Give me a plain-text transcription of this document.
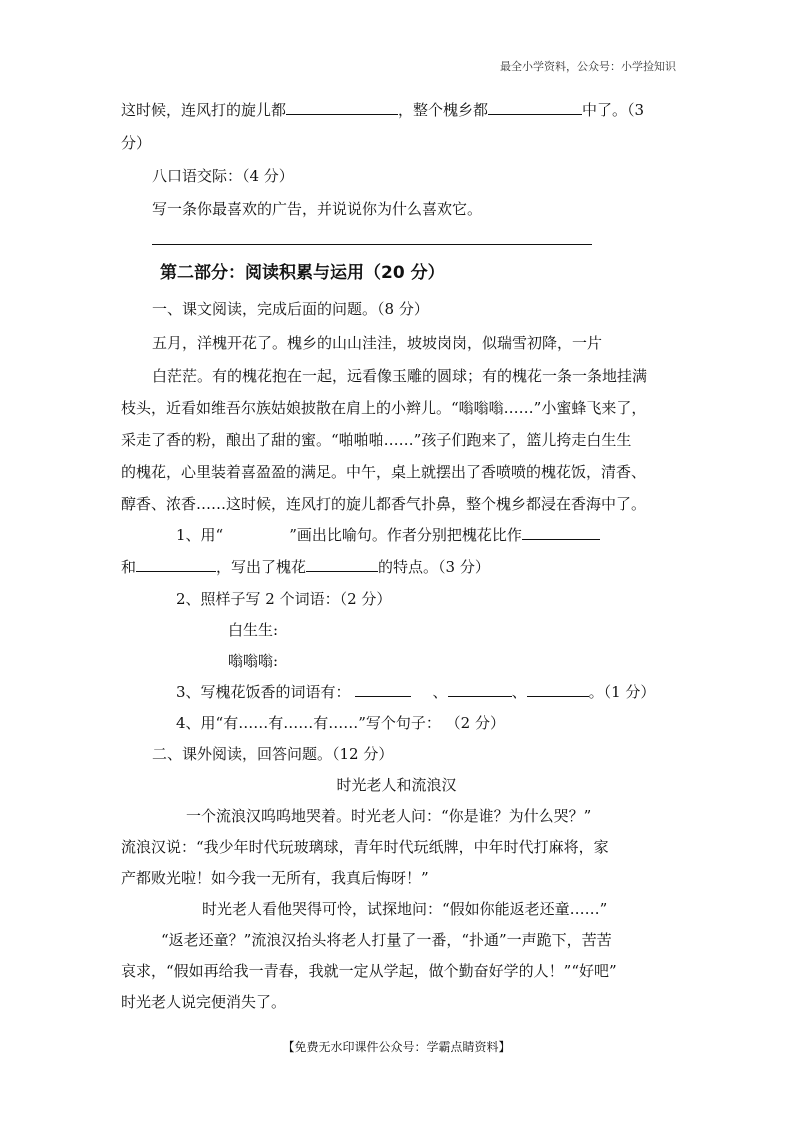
最全小学资料，公众号：小学捡知识
这时候，连风打的旋儿都	，整个槐乡都	中了。（3
分）
八口语交际：（4 分）
写一条你最喜欢的广告，并说说你为什么喜欢它。
第二部分：阅读积累与运用（20 分）
一、课文阅读，完成后面的问题。（8 分）
五月，洋槐开花了。槐乡的山山洼洼，坡坡岗岗，似瑞雪初降，一片
白茫茫。有的槐花抱在一起，远看像玉雕的圆球；有的槐花一条一条地挂满
枝头，近看如维吾尔族姑娘披散在肩上的小辫儿。“嗡嗡嗡……”小蜜蜂飞来了，
采走了香的粉，酿出了甜的蜜。“啪啪啪……”孩子们跑来了，篮儿挎走白生生
的槐花，心里装着喜盈盈的满足。中午，桌上就摆出了香喷喷的槐花饭，清香、
醇香、浓香……这时候，连风打的旋儿都香气扑鼻，整个槐乡都浸在香海中了。
1、用“	”画出比喻句。作者分别把槐花比作
和	，写出了槐花	的特点。（3 分）
2、照样子写 2 个词语：（2 分）
白生生:
嗡嗡嗡:
3、写槐花饭香的词语有：	、	、	。（1 分）
4、用“有……有……有……”写个句子： （2 分）
二、课外阅读，回答问题。（12 分）
时光老人和流浪汉
一个流浪汉呜呜地哭着。时光老人问：“你是谁？为什么哭？”
流浪汉说：“我少年时代玩玻璃球，青年时代玩纸牌，中年时代打麻将，家
产都败光啦！如今我一无所有，我真后悔呀！”
时光老人看他哭得可怜，试探地问：“假如你能返老还童……”
“返老还童？”流浪汉抬头将老人打量了一番，“扑通”一声跪下，苦苦
哀求，“假如再给我一青春，我就一定从学起，做个勤奋好学的人！”“好吧”
时光老人说完便消失了。
【免费无水印课件公众号：学霸点睛资料】
